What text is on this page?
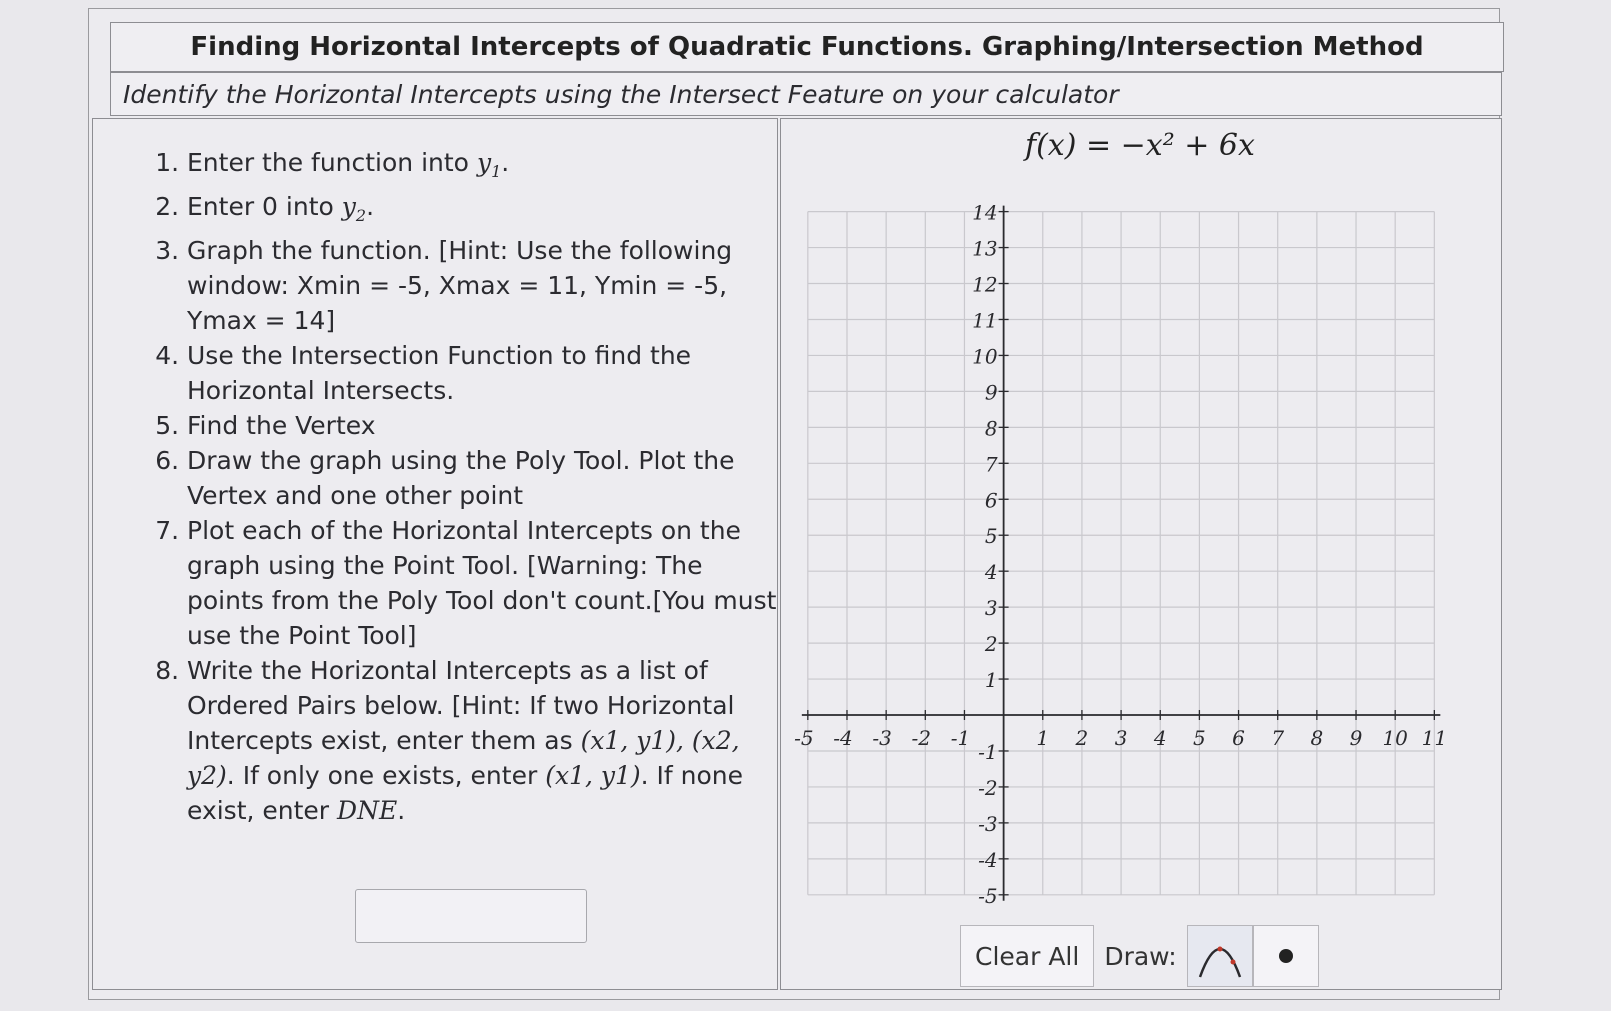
Finding Horizontal Intercepts of Quadratic Functions. Graphing/Intersection Method
Identify the Horizontal Intercepts using the Intersect Feature on your calculator
1. Enter the function into $y_1$.
2. Enter 0 into $y_2$.
3. Graph the function. [Hint: Use the following window: Xmin = -5, Xmax = 11, Ymin = -5, Ymax = 14]
4. Use the Intersection Function to find the Horizontal Intersects.
5. Find the Vertex
6. Draw the graph using the Poly Tool. Plot the Vertex and one other point
7. Plot each of the Horizontal Intercepts on the graph using the Point Tool. [Warning: The points from the Poly Tool don't count.[You must use the Point Tool]
8. Write the Horizontal Intercepts as a list of Ordered Pairs below. [Hint: If two Horizontal Intercepts exist, enter them as (x1, y1), (x2, y2). If only one exists, enter (x1, y1). If none exist, enter DNE.
f(x) = −x² + 6x
-5 -4 -3 -2 -1	1 2 3 4 5 6 7 8 9 10 11
14
13
12
11
10
9
8
7
6
5
4
3
2
1
-1
-2
-3
-4
-5
Clear All	Draw:
